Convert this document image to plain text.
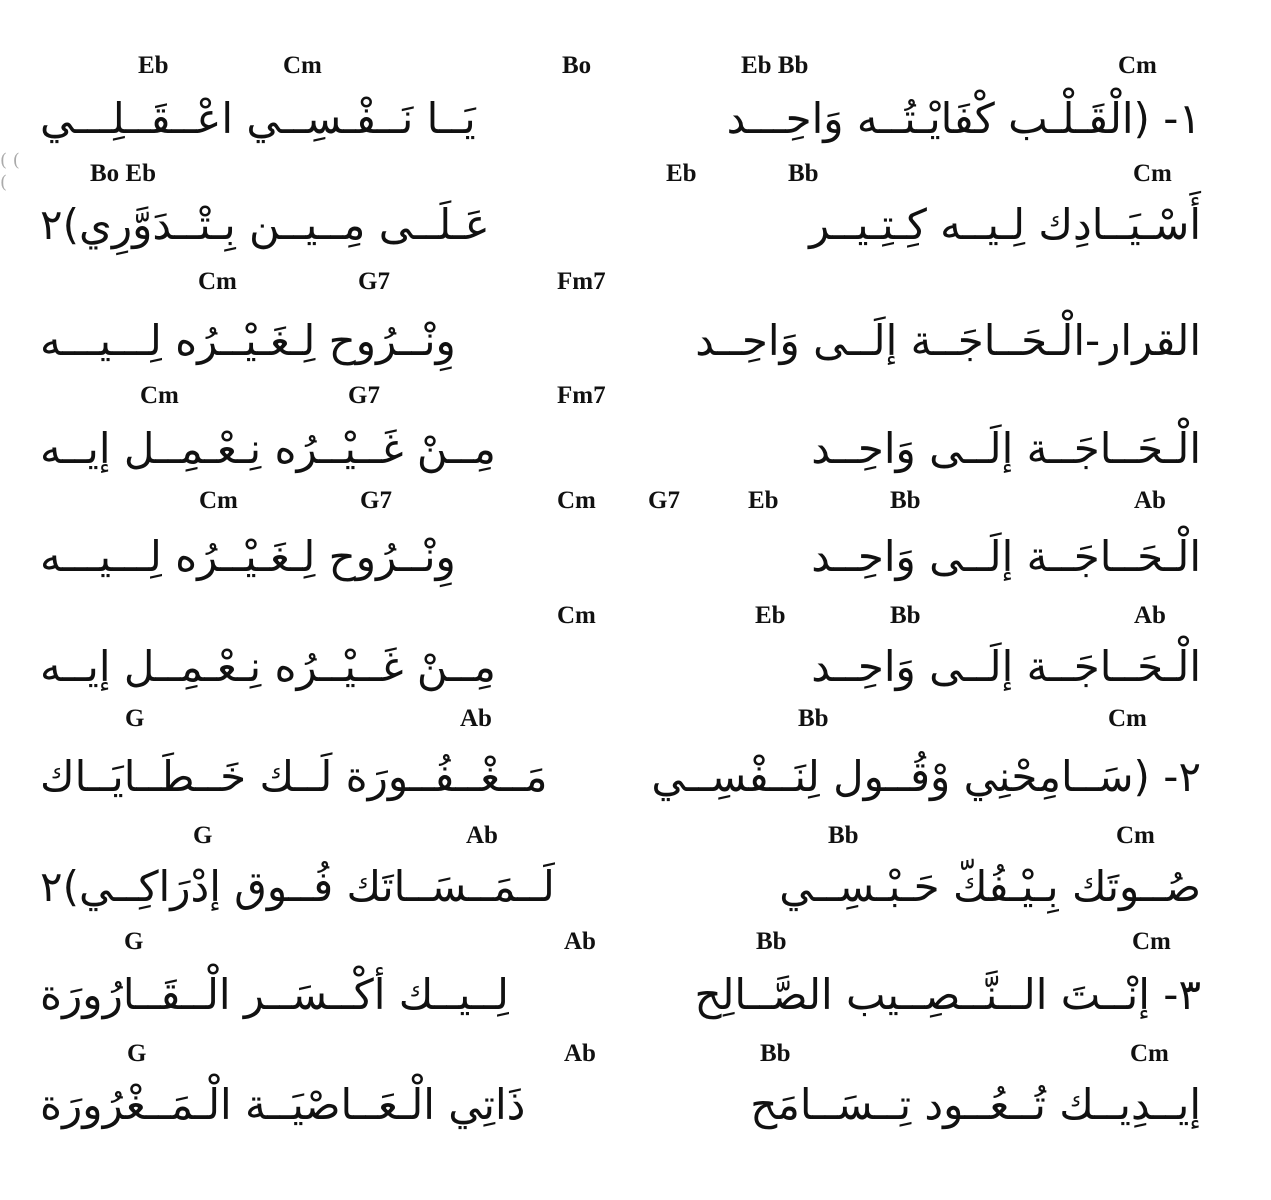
( ( (
Eb	Cm	Bo	Eb Bb	Cm
١- (الْقَـلْـب كْفَايْـتُــه وَاحِـــد
يَــا نَــفْـسِــي اعْــقَــلِـــي
Bo Eb	Eb	Bb	Cm
أَسْـيَــادِك لِـيــه كِـتِـيــر
عَـلَــى مِــيــن بِـتْــدَوَّرِي)٢
Cm	G7	Fm7
القرار-الْـحَــاجَــة إلَــى وَاحِــد
وِنْــرُوح لِـغَـيْــرُه لِـــيـــه
Cm	G7	Fm7
الْـحَــاجَــة إلَــى وَاحِــد
مِــنْ غَــيْــرُه نِـعْـمِــل إيــه
Cm	G7	Cm G7	Eb	Bb	Ab
الْـحَــاجَــة إلَــى وَاحِــد
وِنْــرُوح لِـغَـيْــرُه لِـــيـــه
Cm	Eb	Bb	Ab
الْـحَــاجَــة إلَــى وَاحِــد
مِــنْ غَــيْــرُه نِـعْـمِــل إيــه
G	Ab	Bb	Cm
٢- (سَــامِحْنِي وْقُــول لِنَــفْسِــي
مَــغْــفُــورَة لَــك خَــطَــايَــاك
G	Ab	Bb	Cm
صُــوتَك بِـيْـفُكّ حَـبْـسِــي
لَــمَــسَــاتَك فُــوق إدْرَاكِــي)٢
G	Ab	Bb	Cm
٣- إنْــتَ الــنَّــصِــيب الصَّــالِح
لِــيــك أكْــسَــر الْــقَــارُورَة
G	Ab	Bb	Cm
إيــدِيــك تُــعُــود تِــسَــامَح
ذَاتِي الْـعَــاصْيَــة الْـمَــغْرُورَة
